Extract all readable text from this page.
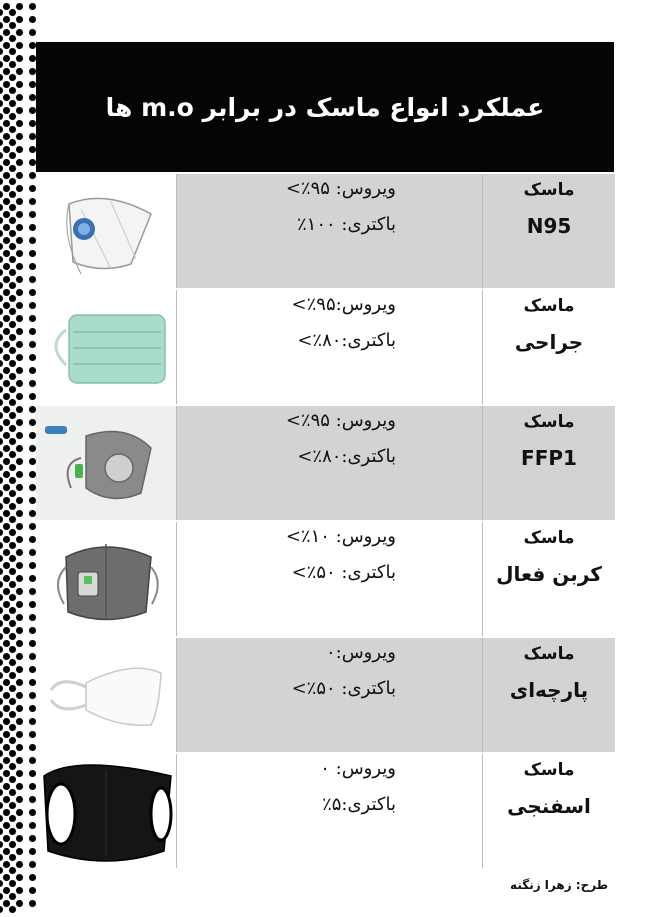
عملکرد انواع ماسک در برابر m.o ها
ویروس: ۹۵٪>
باکتری: ۱۰۰٪
ماسک
N95
ویروس:۹۵٪>
باکتری:۸۰٪>
ماسک
جراحی
ویروس: ۹۵٪>
باکتری:۸۰٪>
ماسک
FFP1
ویروس: ۱۰٪>
باکتری: ۵۰٪>
ماسک
کربن فعال
ویروس:۰
باکتری: ۵۰٪>
ماسک
پارچه‌ای
ویروس: ۰
باکتری:۵٪
ماسک
اسفنجی
طرح: زهرا زنگنه
